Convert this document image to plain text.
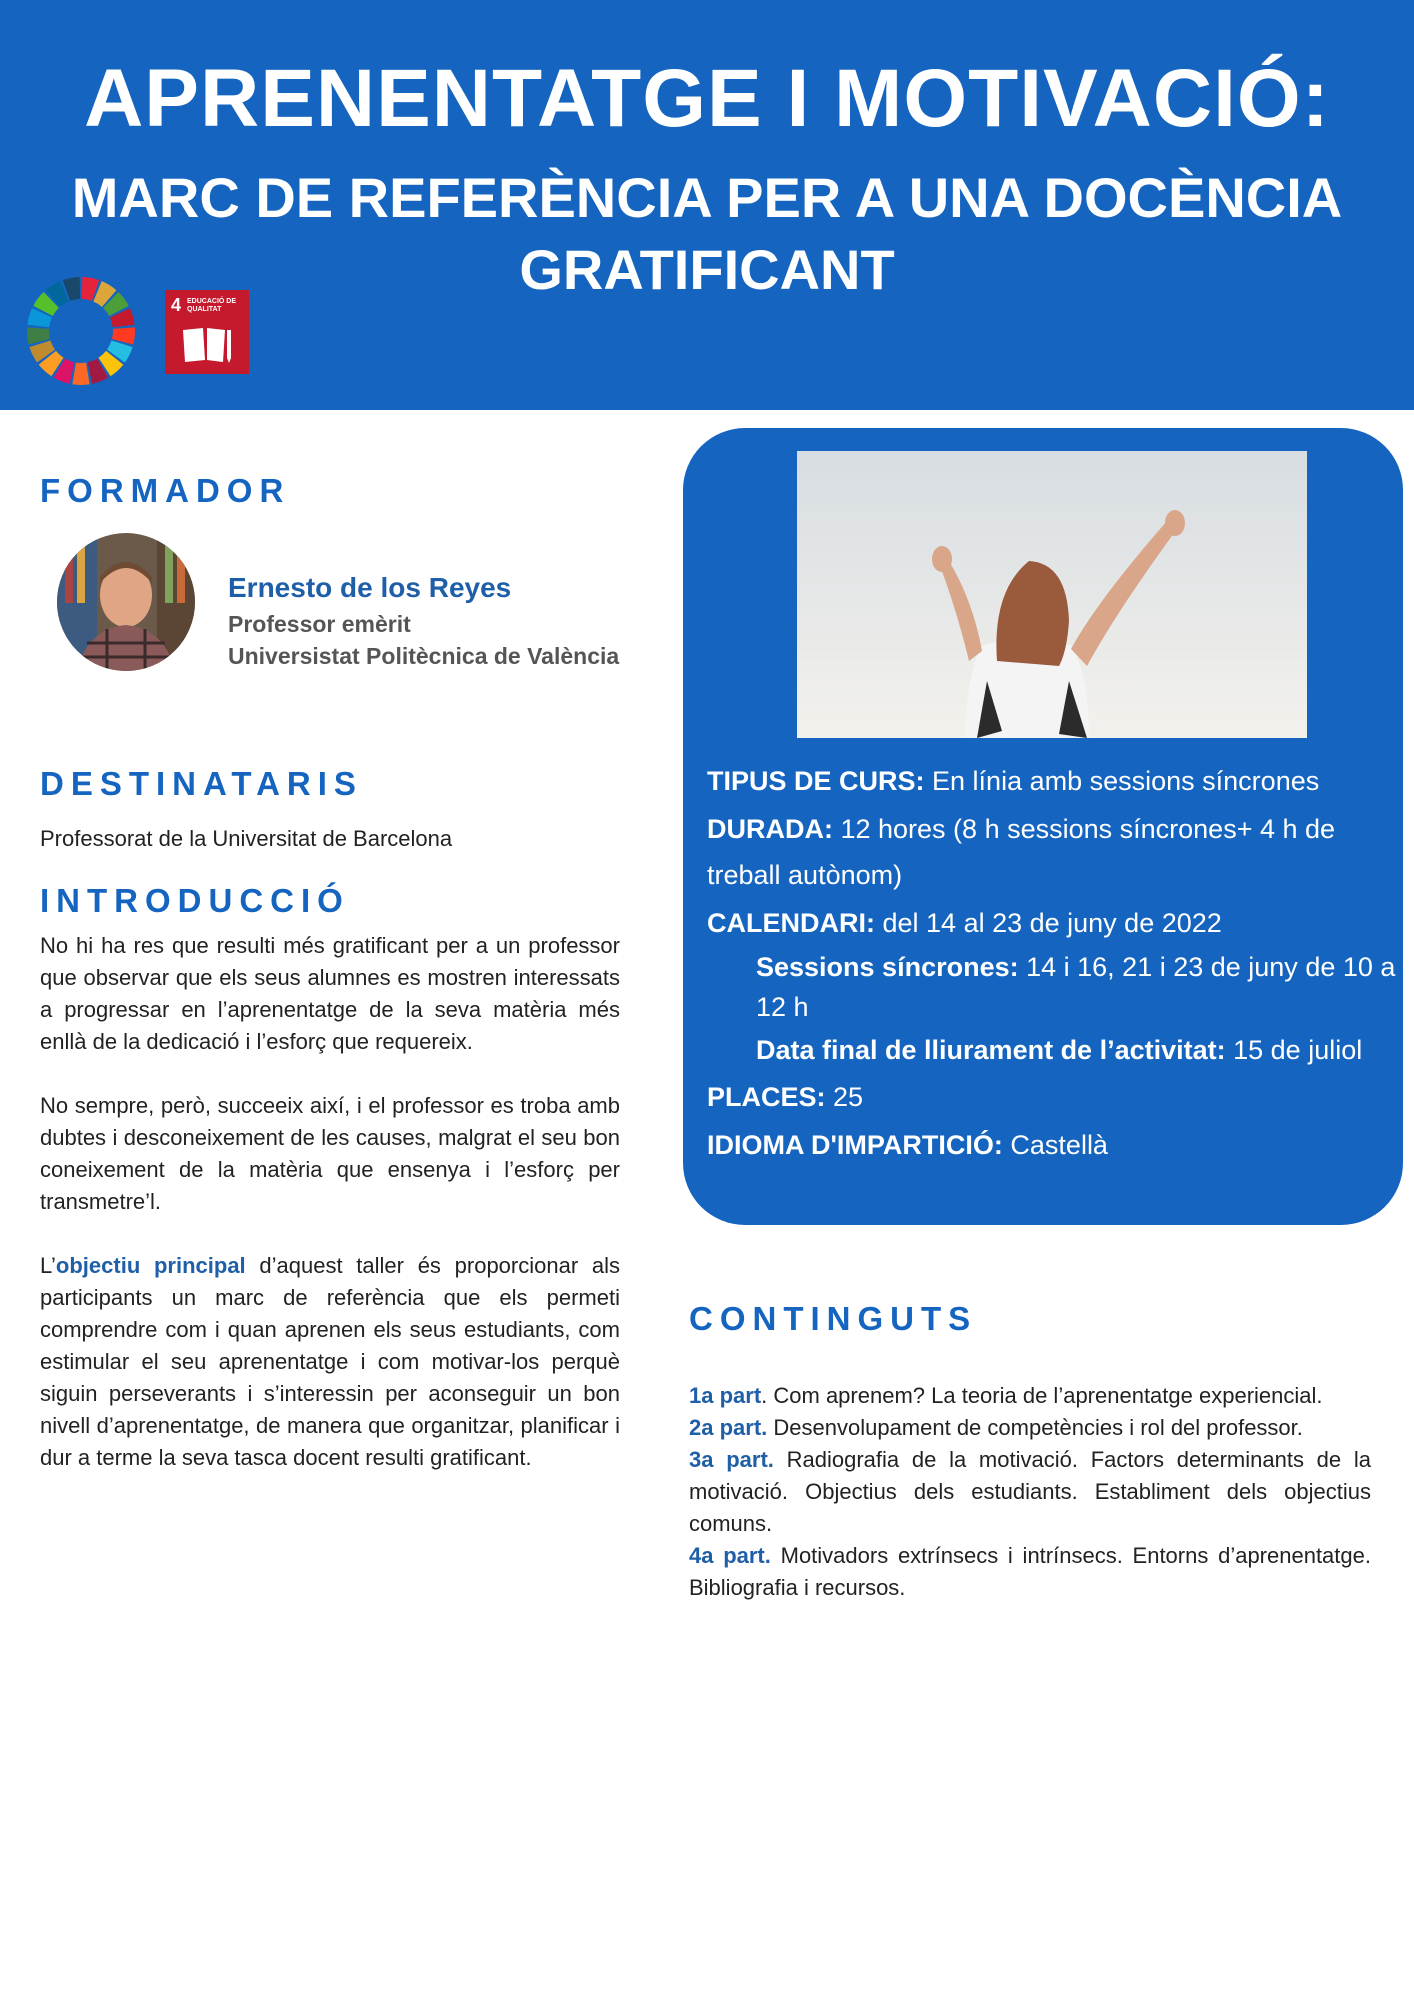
APRENENTATGE I MOTIVACIÓ:
MARC DE REFERÈNCIA PER A UNA DOCÈNCIA GRATIFICANT
4 EDUCACIÓ DE QUALITAT
FORMADOR
Ernesto de los Reyes
Professor emèrit
Universistat Politècnica de València
DESTINATARIS
Professorat de la Universitat de Barcelona
INTRODUCCIÓ

No hi ha res que resulti més gratificant per a un professor que observar que els seus alumnes es mostren interessats a progressar en l’aprenentatge de la seva matèria més enllà de la dedicació i l’esforç que requereix.

No sempre, però, succeeix així, i el professor es troba amb dubtes i desconeixement de les causes, malgrat el seu bon coneixement de la matèria que ensenya i l’esforç per transmetre’l.

L’objectiu principal d’aquest taller és proporcionar als participants un marc de referència que els permeti comprendre com i quan aprenen els seus estudiants, com estimular el seu aprenentatge i com motivar-los perquè siguin perseverants i s’interessin per aconseguir un bon nivell d’aprenentatge, de manera que organitzar, planificar i dur a terme la seva tasca docent resulti gratificant.

TIPUS DE CURS: En línia amb sessions síncrones
DURADA: 12 hores (8 h sessions síncrones+ 4 h de
treball autònom)
CALENDARI: del 14 al 23 de juny de 2022
Sessions síncrones: 14 i 16, 21 i 23 de juny de 10 a
12 h
Data final de lliurament de l’activitat: 15 de juliol
PLACES: 25
IDIOMA D'IMPARTICIÓ: Castellà
CONTINGUTS

1a part. Com aprenem? La teoria de l’aprenentatge experiencial.

2a part. Desenvolupament de competències i rol del professor.

3a part. Radiografia de la motivació. Factors determinants de la motivació. Objectius dels estudiants. Establiment dels objectius comuns.

4a part. Motivadors extrínsecs i intrínsecs. Entorns d’aprenentatge. Bibliografia i recursos.
